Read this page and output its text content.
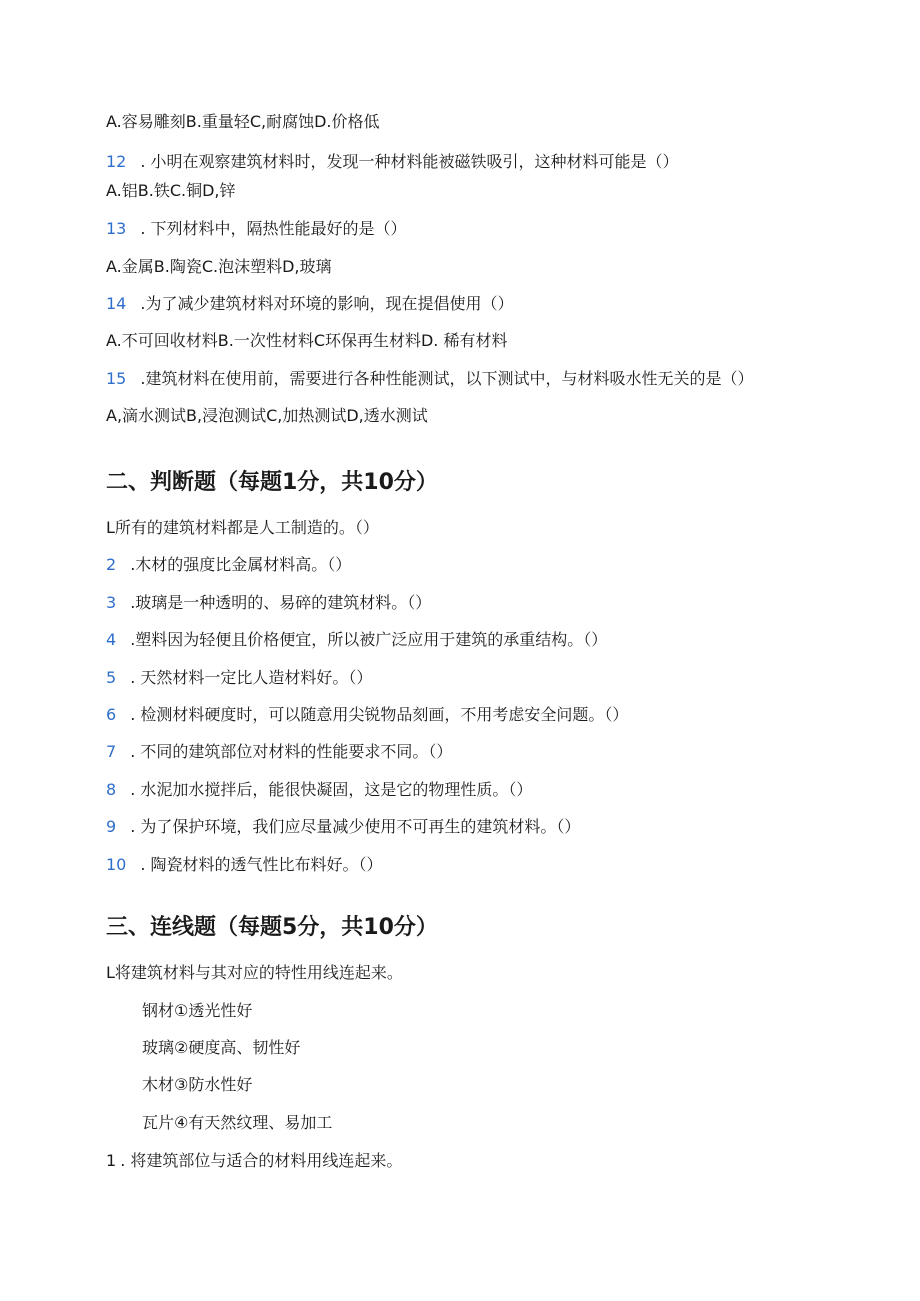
A.容易雕刻B.重量轻C,耐腐蚀D.价格低
12 . 小明在观察建筑材料时，发现一种材料能被磁铁吸引，这种材料可能是（）
A.铝B.铁C.铜D,锌
13 . 下列材料中，隔热性能最好的是（）
A.金属B.陶瓷C.泡沫塑料D,玻璃
14 .为了减少建筑材料对环境的影响，现在提倡使用（）
A.不可回收材料B.一次性材料C环保再生材料D. 稀有材料
15 .建筑材料在使用前，需要进行各种性能测试，以下测试中，与材料吸水性无关的是（）
A,滴水测试B,浸泡测试C,加热测试D,透水测试
二、判断题（每题1分，共10分）
L所有的建筑材料都是人工制造的。（）
2 .木材的强度比金属材料高。（）
3 .玻璃是一种透明的、易碎的建筑材料。（）
4 .塑料因为轻便且价格便宜，所以被广泛应用于建筑的承重结构。（）
5 . 天然材料一定比人造材料好。（）
6 . 检测材料硬度时，可以随意用尖锐物品刻画，不用考虑安全问题。（）
7 . 不同的建筑部位对材料的性能要求不同。（）
8 . 水泥加水搅拌后，能很快凝固，这是它的物理性质。（）
9 . 为了保护环境，我们应尽量减少使用不可再生的建筑材料。（）
10 . 陶瓷材料的透气性比布料好。（）
三、连线题（每题5分，共10分）
L将建筑材料与其对应的特性用线连起来。
钢材①透光性好
玻璃②硬度高、韧性好
木材③防水性好
瓦片④有天然纹理、易加工
1 . 将建筑部位与适合的材料用线连起来。
